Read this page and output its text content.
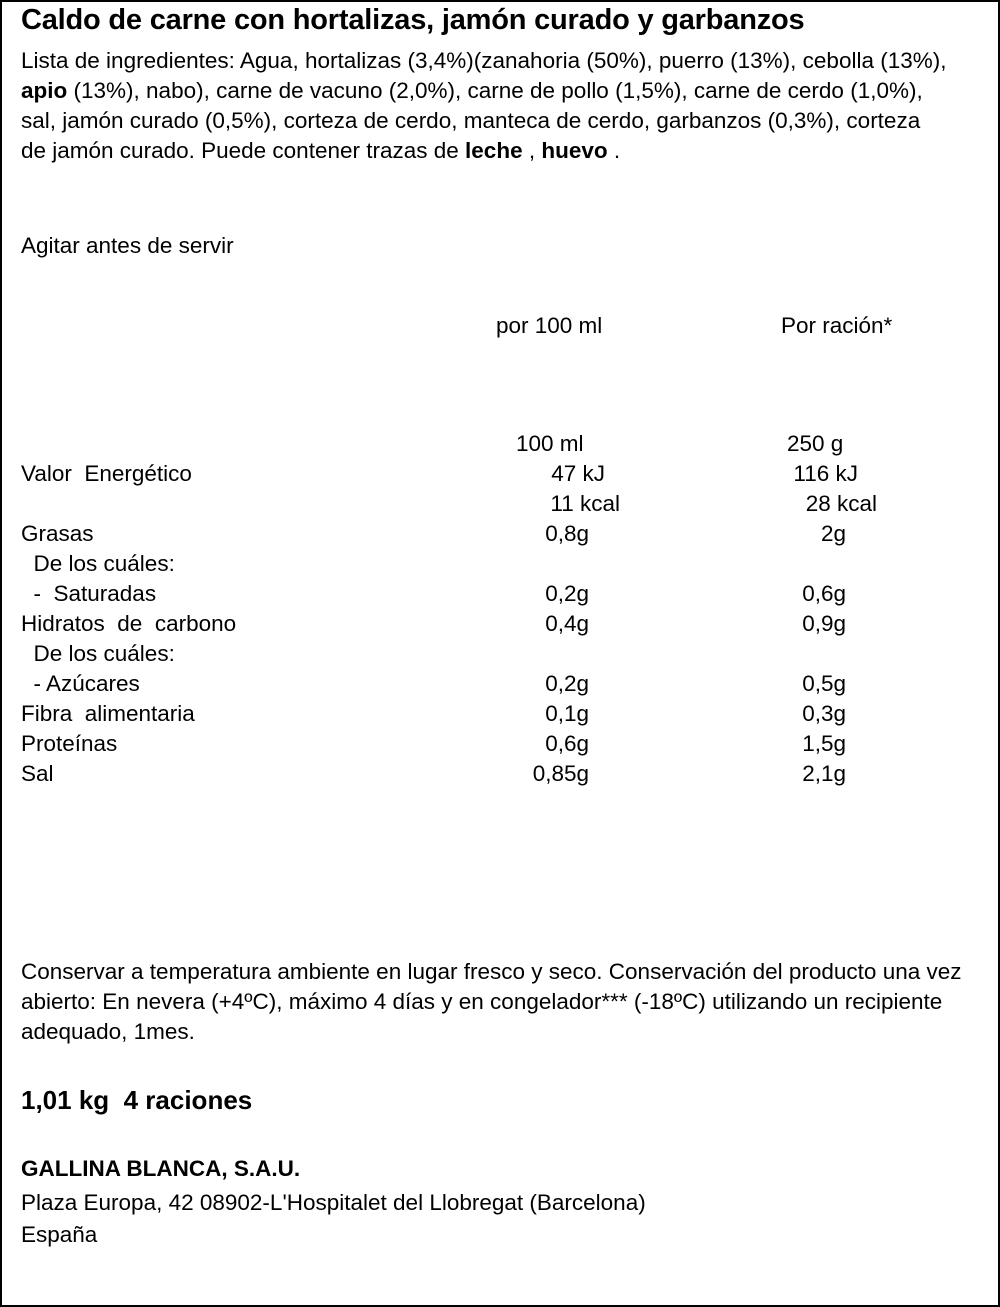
Caldo de carne con hortalizas, jamón curado y garbanzos
Lista de ingredientes: Agua, hortalizas (3,4%)(zanahoria (50%), puerro (13%), cebolla (13%), apio (13%), nabo), carne de vacuno (2,0%), carne de pollo (1,5%), carne de cerdo (1,0%), sal, jamón curado (0,5%), corteza de cerdo, manteca de cerdo, garbanzos (0,3%), corteza de jamón curado. Puede contener trazas de leche , huevo .
Agitar antes de servir
por 100 ml	Por ración*
100 ml	250 g
Valor  Energético	47 kJ	116 kJ
11 kcal	28 kcal
Grasas	0,8g	2g
De los cuáles:
-  Saturadas	0,2g	0,6g
Hidratos  de  carbono	0,4g	0,9g
De los cuáles:
- Azúcares	0,2g	0,5g
Fibra  alimentaria	0,1g	0,3g
Proteínas	0,6g	1,5g
Sal	0,85g	2,1g
Conservar a temperatura ambiente en lugar fresco y seco. Conservación del producto una vez abierto: En nevera (+4ºC), máximo 4 días y en congelador*** (-18ºC) utilizando un recipiente adequado, 1mes.
1,01 kg  4 raciones
GALLINA BLANCA, S.A.U.
Plaza Europa, 42 08902-L'Hospitalet del Llobregat (Barcelona)
España
